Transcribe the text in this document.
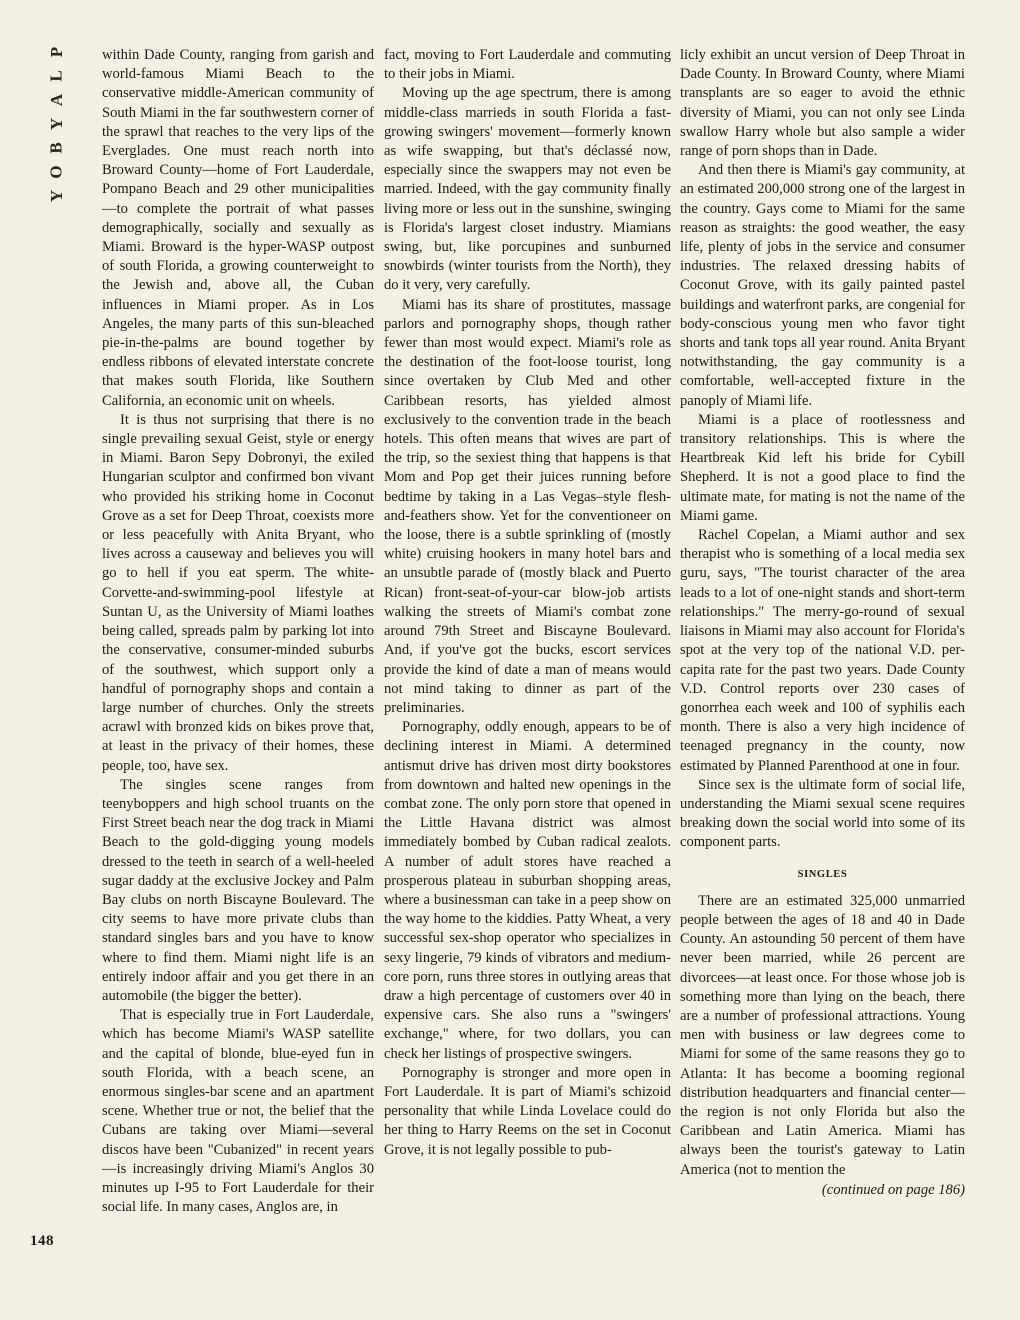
P
L
A
Y
B
O
Y
148

within Dade County, ranging from garish and world-famous Miami Beach to the conservative middle-American community of South Miami in the far southwestern corner of the sprawl that reaches to the very lips of the Everglades. One must reach north into Broward County—home of Fort Lauderdale, Pompano Beach and 29 other municipalities—to complete the portrait of what passes demographically, socially and sexually as Miami. Broward is the hyper-WASP outpost of south Florida, a growing counterweight to the Jewish and, above all, the Cuban influences in Miami proper. As in Los Angeles, the many parts of this sun-bleached pie-in-the-palms are bound together by endless ribbons of elevated interstate concrete that makes south Florida, like Southern California, an economic unit on wheels.

It is thus not surprising that there is no single prevailing sexual Geist, style or energy in Miami. Baron Sepy Dobronyi, the exiled Hungarian sculptor and confirmed bon vivant who provided his striking home in Coconut Grove as a set for Deep Throat, coexists more or less peacefully with Anita Bryant, who lives across a causeway and believes you will go to hell if you eat sperm. The white-Corvette-and-swimming-pool lifestyle at Suntan U, as the University of Miami loathes being called, spreads palm by parking lot into the conservative, consumer-minded suburbs of the southwest, which support only a handful of pornography shops and contain a large number of churches. Only the streets acrawl with bronzed kids on bikes prove that, at least in the privacy of their homes, these people, too, have sex.

The singles scene ranges from teenyboppers and high school truants on the First Street beach near the dog track in Miami Beach to the gold-digging young models dressed to the teeth in search of a well-heeled sugar daddy at the exclusive Jockey and Palm Bay clubs on north Biscayne Boulevard. The city seems to have more private clubs than standard singles bars and you have to know where to find them. Miami night life is an entirely indoor affair and you get there in an automobile (the bigger the better).

That is especially true in Fort Lauderdale, which has become Miami's WASP satellite and the capital of blonde, blue-eyed fun in south Florida, with a beach scene, an enormous singles-bar scene and an apartment scene. Whether true or not, the belief that the Cubans are taking over Miami—several discos have been "Cubanized" in recent years—is increasingly driving Miami's Anglos 30 minutes up I-95 to Fort Lauderdale for their social life. In many cases, Anglos are, in

fact, moving to Fort Lauderdale and commuting to their jobs in Miami.

Moving up the age spectrum, there is among middle-class marrieds in south Florida a fast-growing swingers' movement—formerly known as wife swapping, but that's déclassé now, especially since the swappers may not even be married. Indeed, with the gay community finally living more or less out in the sunshine, swinging is Florida's largest closet industry. Miamians swing, but, like porcupines and sunburned snowbirds (winter tourists from the North), they do it very, very carefully.

Miami has its share of prostitutes, massage parlors and pornography shops, though rather fewer than most would expect. Miami's role as the destination of the foot-loose tourist, long since overtaken by Club Med and other Caribbean resorts, has yielded almost exclusively to the convention trade in the beach hotels. This often means that wives are part of the trip, so the sexiest thing that happens is that Mom and Pop get their juices running before bedtime by taking in a Las Vegas–style flesh-and-feathers show. Yet for the conventioneer on the loose, there is a subtle sprinkling of (mostly white) cruising hookers in many hotel bars and an unsubtle parade of (mostly black and Puerto Rican) front-seat-of-your-car blow-job artists walking the streets of Miami's combat zone around 79th Street and Biscayne Boulevard. And, if you've got the bucks, escort services provide the kind of date a man of means would not mind taking to dinner as part of the preliminaries.

Pornography, oddly enough, appears to be of declining interest in Miami. A determined antismut drive has driven most dirty bookstores from downtown and halted new openings in the combat zone. The only porn store that opened in the Little Havana district was almost immediately bombed by Cuban radical zealots. A number of adult stores have reached a prosperous plateau in suburban shopping areas, where a businessman can take in a peep show on the way home to the kiddies. Patty Wheat, a very successful sex-shop operator who specializes in sexy lingerie, 79 kinds of vibrators and medium-core porn, runs three stores in outlying areas that draw a high percentage of customers over 40 in expensive cars. She also runs a "swingers' exchange," where, for two dollars, you can check her listings of prospective swingers.

Pornography is stronger and more open in Fort Lauderdale. It is part of Miami's schizoid personality that while Linda Lovelace could do her thing to Harry Reems on the set in Coconut Grove, it is not legally possible to pub-

licly exhibit an uncut version of Deep Throat in Dade County. In Broward County, where Miami transplants are so eager to avoid the ethnic diversity of Miami, you can not only see Linda swallow Harry whole but also sample a wider range of porn shops than in Dade.

And then there is Miami's gay community, at an estimated 200,000 strong one of the largest in the country. Gays come to Miami for the same reason as straights: the good weather, the easy life, plenty of jobs in the service and consumer industries. The relaxed dressing habits of Coconut Grove, with its gaily painted pastel buildings and waterfront parks, are congenial for body-conscious young men who favor tight shorts and tank tops all year round. Anita Bryant notwithstanding, the gay community is a comfortable, well-accepted fixture in the panoply of Miami life.

Miami is a place of rootlessness and transitory relationships. This is where the Heartbreak Kid left his bride for Cybill Shepherd. It is not a good place to find the ultimate mate, for mating is not the name of the Miami game.

Rachel Copelan, a Miami author and sex therapist who is something of a local media sex guru, says, "The tourist character of the area leads to a lot of one-night stands and short-term relationships." The merry-go-round of sexual liaisons in Miami may also account for Florida's spot at the very top of the national V.D. per-capita rate for the past two years. Dade County V.D. Control reports over 230 cases of gonorrhea each week and 100 of syphilis each month. There is also a very high incidence of teenaged pregnancy in the county, now estimated by Planned Parenthood at one in four.

Since sex is the ultimate form of social life, understanding the Miami sexual scene requires breaking down the social world into some of its component parts.

SINGLES

There are an estimated 325,000 unmarried people between the ages of 18 and 40 in Dade County. An astounding 50 percent of them have never been married, while 26 percent are divorcees—at least once. For those whose job is something more than lying on the beach, there are a number of professional attractions. Young men with business or law degrees come to Miami for some of the same reasons they go to Atlanta: It has become a booming regional distribution headquarters and financial center—the region is not only Florida but also the Caribbean and Latin America. Miami has always been the tourist's gateway to Latin America (not to mention the

(continued on page 186)
